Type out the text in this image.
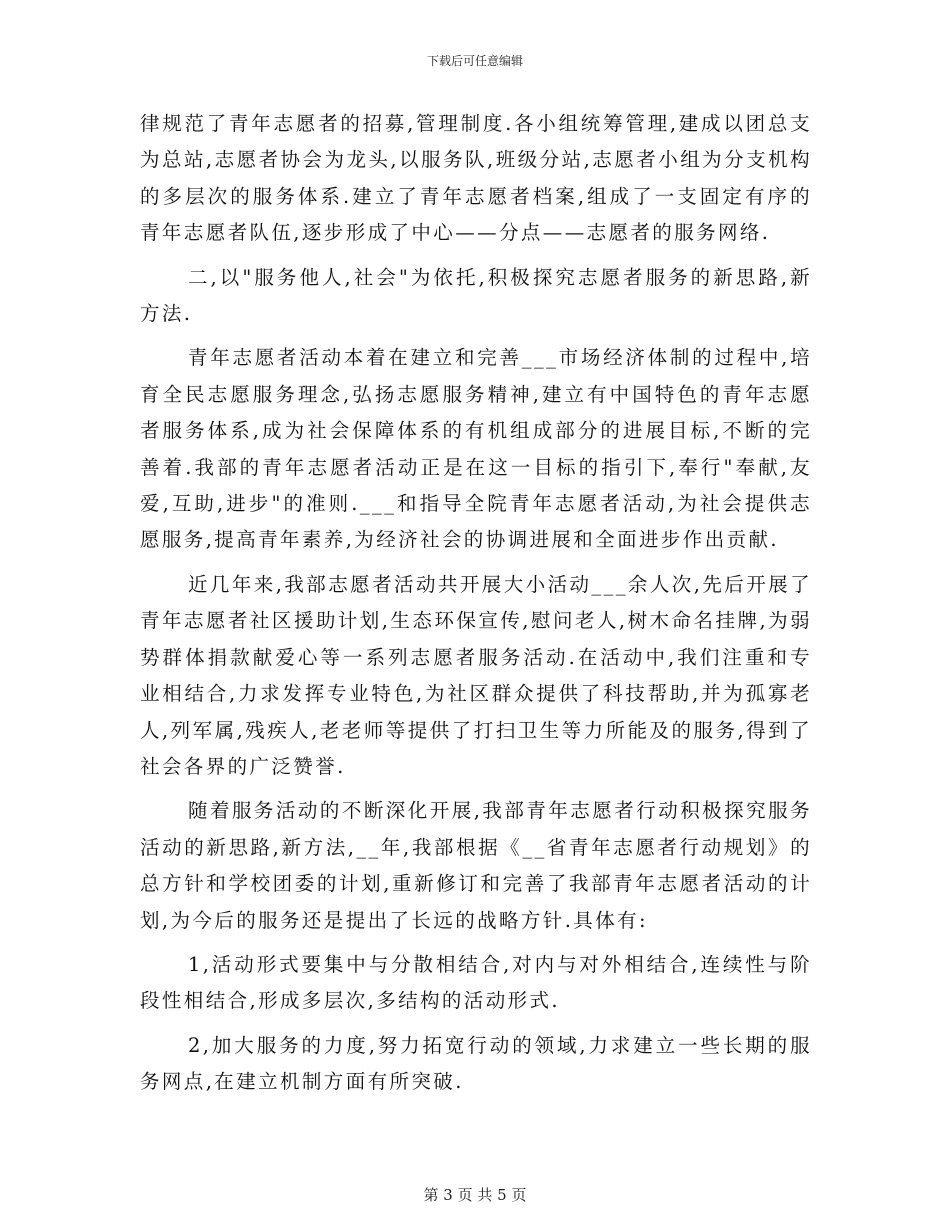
下载后可任意编辑

律规范了青年志愿者的招募,管理制度.各小组统筹管理,建成以团总支为总站,志愿者协会为龙头,以服务队,班级分站,志愿者小组为分支机构的多层次的服务体系.建立了青年志愿者档案,组成了一支固定有序的青年志愿者队伍,逐步形成了中心——分点——志愿者的服务网络.

二,以"服务他人,社会"为依托,积极探究志愿者服务的新思路,新方法.

青年志愿者活动本着在建立和完善___市场经济体制的过程中,培育全民志愿服务理念,弘扬志愿服务精神,建立有中国特色的青年志愿者服务体系,成为社会保障体系的有机组成部分的进展目标,不断的完善着.我部的青年志愿者活动正是在这一目标的指引下,奉行"奉献,友爱,互助,进步"的准则.___和指导全院青年志愿者活动,为社会提供志愿服务,提高青年素养,为经济社会的协调进展和全面进步作出贡献.

近几年来,我部志愿者活动共开展大小活动___余人次,先后开展了青年志愿者社区援助计划,生态环保宣传,慰问老人,树木命名挂牌,为弱势群体捐款献爱心等一系列志愿者服务活动.在活动中,我们注重和专业相结合,力求发挥专业特色,为社区群众提供了科技帮助,并为孤寡老人,列军属,残疾人,老老师等提供了打扫卫生等力所能及的服务,得到了社会各界的广泛赞誉.

随着服务活动的不断深化开展,我部青年志愿者行动积极探究服务活动的新思路,新方法,__年,我部根据《__省青年志愿者行动规划》的总方针和学校团委的计划,重新修订和完善了我部青年志愿者活动的计划,为今后的服务还是提出了长远的战略方针.具体有:

1,活动形式要集中与分散相结合,对内与对外相结合,连续性与阶段性相结合,形成多层次,多结构的活动形式.

2,加大服务的力度,努力拓宽行动的领域,力求建立一些长期的服务网点,在建立机制方面有所突破.

第 3 页 共 5 页
